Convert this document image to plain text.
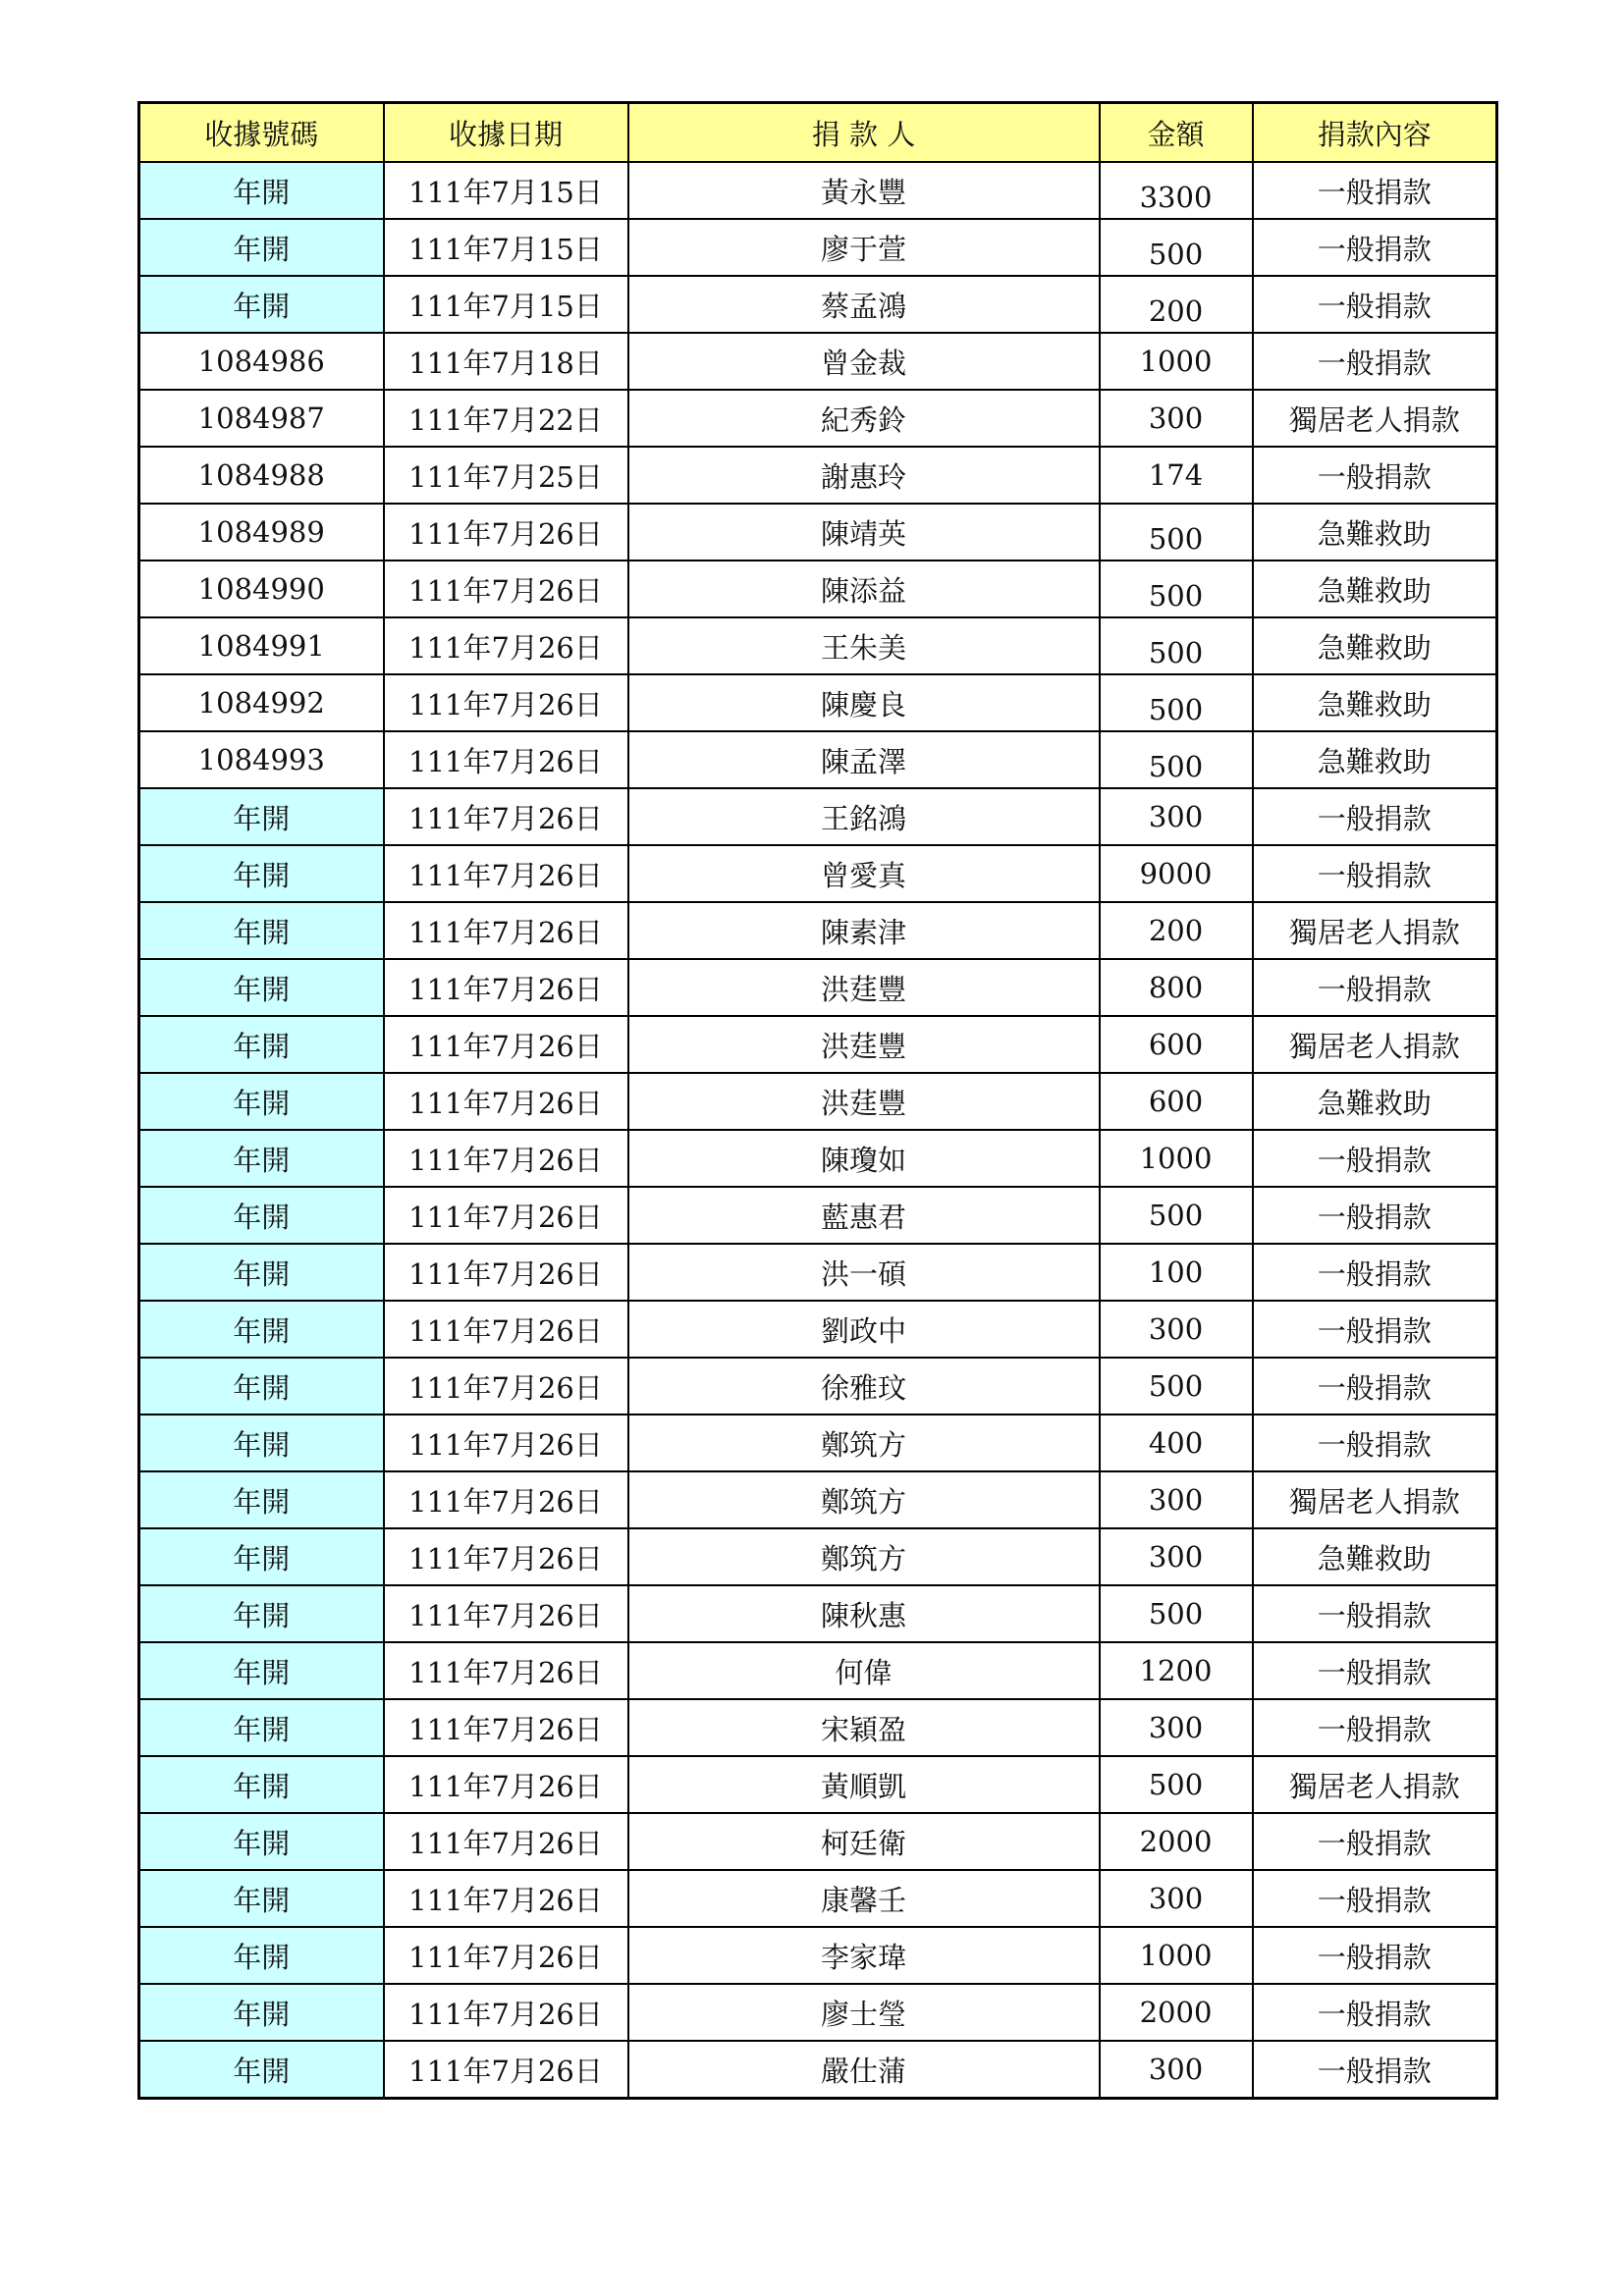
收據號碼	收據日期	捐 款 人	金額	捐款內容
年開	111年7月15日	黃永豐	3300	一般捐款
年開	111年7月15日	廖于萱	500	一般捐款
年開	111年7月15日	蔡孟鴻	200	一般捐款
1084986	111年7月18日	曾金裁	1000	一般捐款
1084987	111年7月22日	紀秀鈴	300	獨居老人捐款
1084988	111年7月25日	謝惠玲	174	一般捐款
1084989	111年7月26日	陳靖英	500	急難救助
1084990	111年7月26日	陳添益	500	急難救助
1084991	111年7月26日	王朱美	500	急難救助
1084992	111年7月26日	陳慶良	500	急難救助
1084993	111年7月26日	陳孟澤	500	急難救助
年開	111年7月26日	王銘鴻	300	一般捐款
年開	111年7月26日	曾愛真	9000	一般捐款
年開	111年7月26日	陳素津	200	獨居老人捐款
年開	111年7月26日	洪莛豐	800	一般捐款
年開	111年7月26日	洪莛豐	600	獨居老人捐款
年開	111年7月26日	洪莛豐	600	急難救助
年開	111年7月26日	陳瓊如	1000	一般捐款
年開	111年7月26日	藍惠君	500	一般捐款
年開	111年7月26日	洪一碩	100	一般捐款
年開	111年7月26日	劉政中	300	一般捐款
年開	111年7月26日	徐雅玟	500	一般捐款
年開	111年7月26日	鄭筑方	400	一般捐款
年開	111年7月26日	鄭筑方	300	獨居老人捐款
年開	111年7月26日	鄭筑方	300	急難救助
年開	111年7月26日	陳秋惠	500	一般捐款
年開	111年7月26日	何偉	1200	一般捐款
年開	111年7月26日	宋穎盈	300	一般捐款
年開	111年7月26日	黃順凱	500	獨居老人捐款
年開	111年7月26日	柯廷衛	2000	一般捐款
年開	111年7月26日	康馨壬	300	一般捐款
年開	111年7月26日	李家瑋	1000	一般捐款
年開	111年7月26日	廖士瑩	2000	一般捐款
年開	111年7月26日	嚴仕蒲	300	一般捐款
